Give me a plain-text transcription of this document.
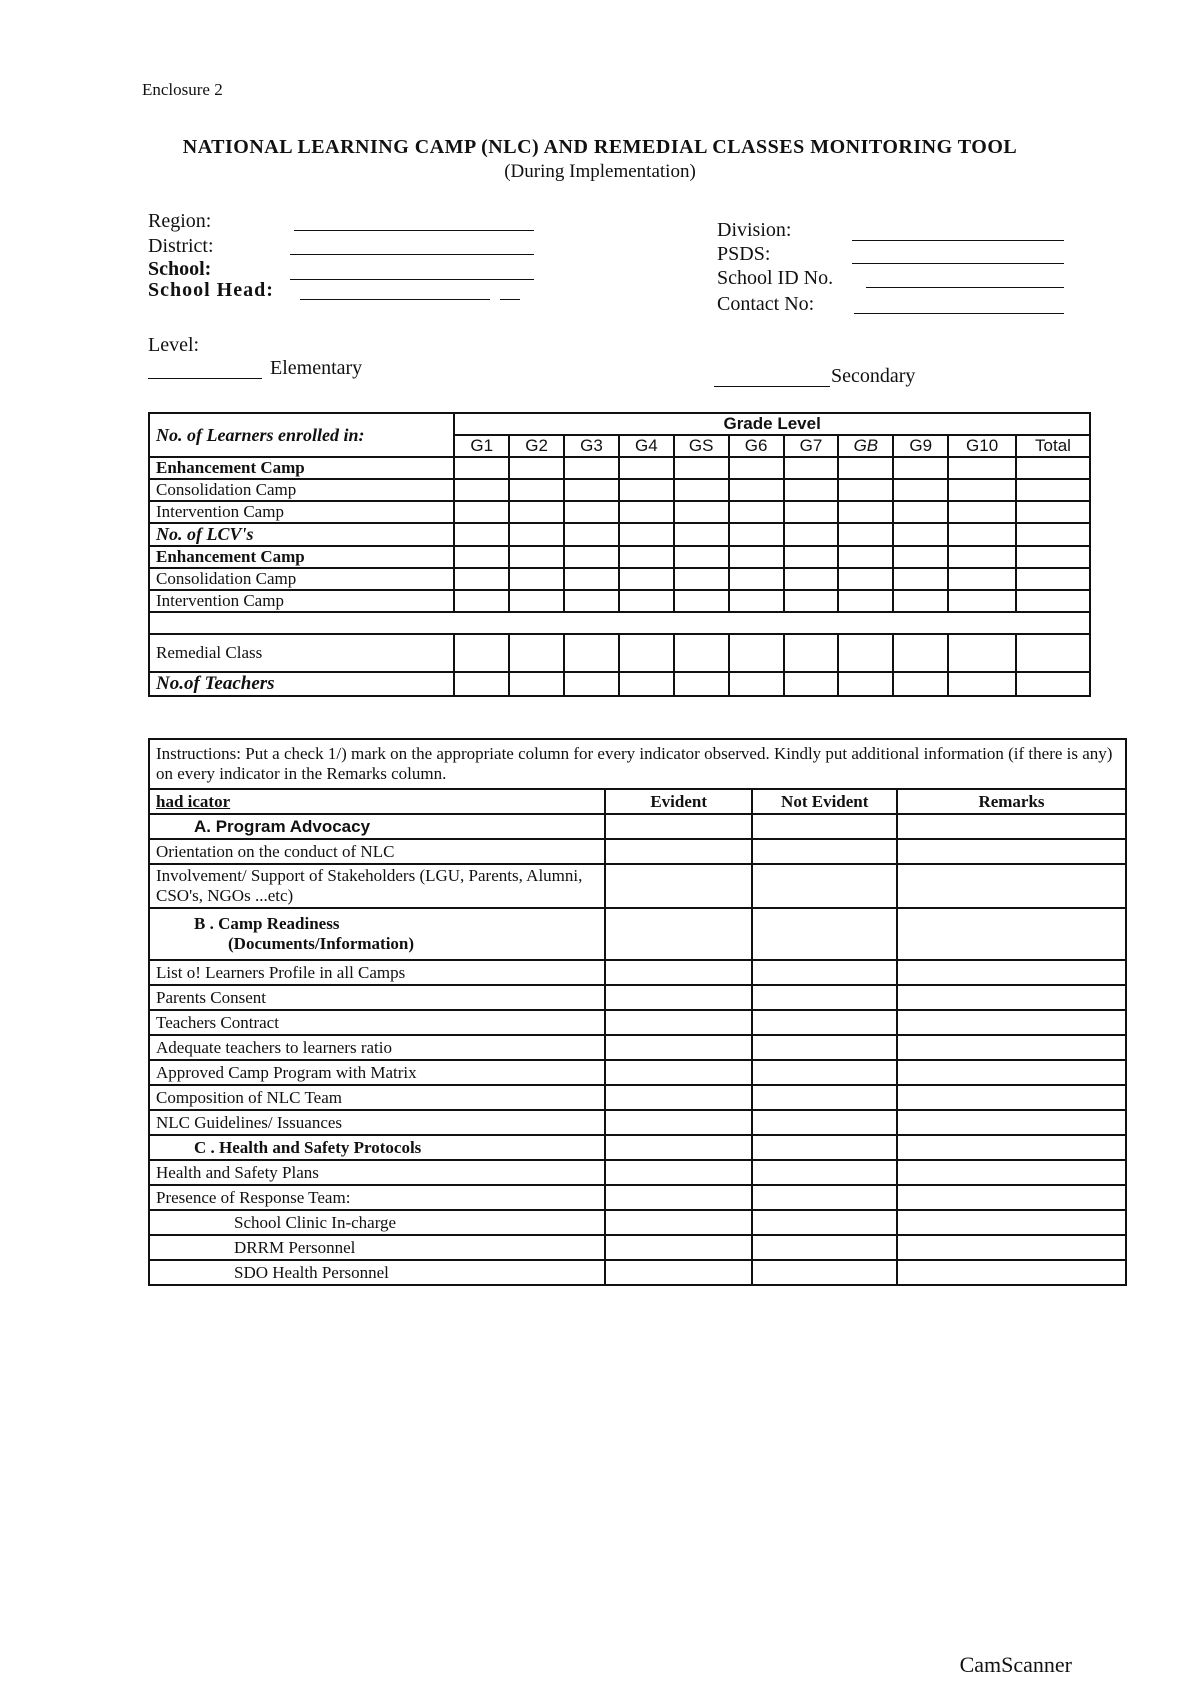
Enclosure 2
NATIONAL LEARNING CAMP (NLC) AND REMEDIAL CLASSES MONITORING TOOL
(During Implementation)
Region:
District:
School:
School Head:
Division:
PSDS:
School ID No.
Contact No:
Level:
Elementary	Secondary
No. of Learners enrolled in:	Grade Level										
	G1	G2	G3	G4	GS	G6	G7	GB	G9	G10	Total
Enhancement Camp											
Consolidation Camp											
Intervention Camp											
No. of LCV's											
Enhancement Camp											
Consolidation Camp											
Intervention Camp											

Remedial Class											
No.of Teachers											
Instructions: Put a check 1/) mark on the appropriate column for every indicator observed. Kindly put additional information (if there is any) on every indicator in the Remarks column.			
had icator	Evident	Not Evident	Remarks
A. Program Advocacy			
Orientation on the conduct of NLC			
Involvement/ Support of Stakeholders (LGU, Parents, Alumni, CSO's, NGOs ...etc)			
B . Camp Readiness
(Documents/Information)			
List o! Learners Profile in all Camps			
Parents Consent			
Teachers Contract			
Adequate teachers to learners ratio			
Approved Camp Program with Matrix			
Composition of NLC Team			
NLC Guidelines/ Issuances			
C . Health and Safety Protocols			
Health and Safety Plans			
Presence of Response Team:			
School Clinic In-charge			
DRRM Personnel			
SDO Health Personnel			
CamScanner
